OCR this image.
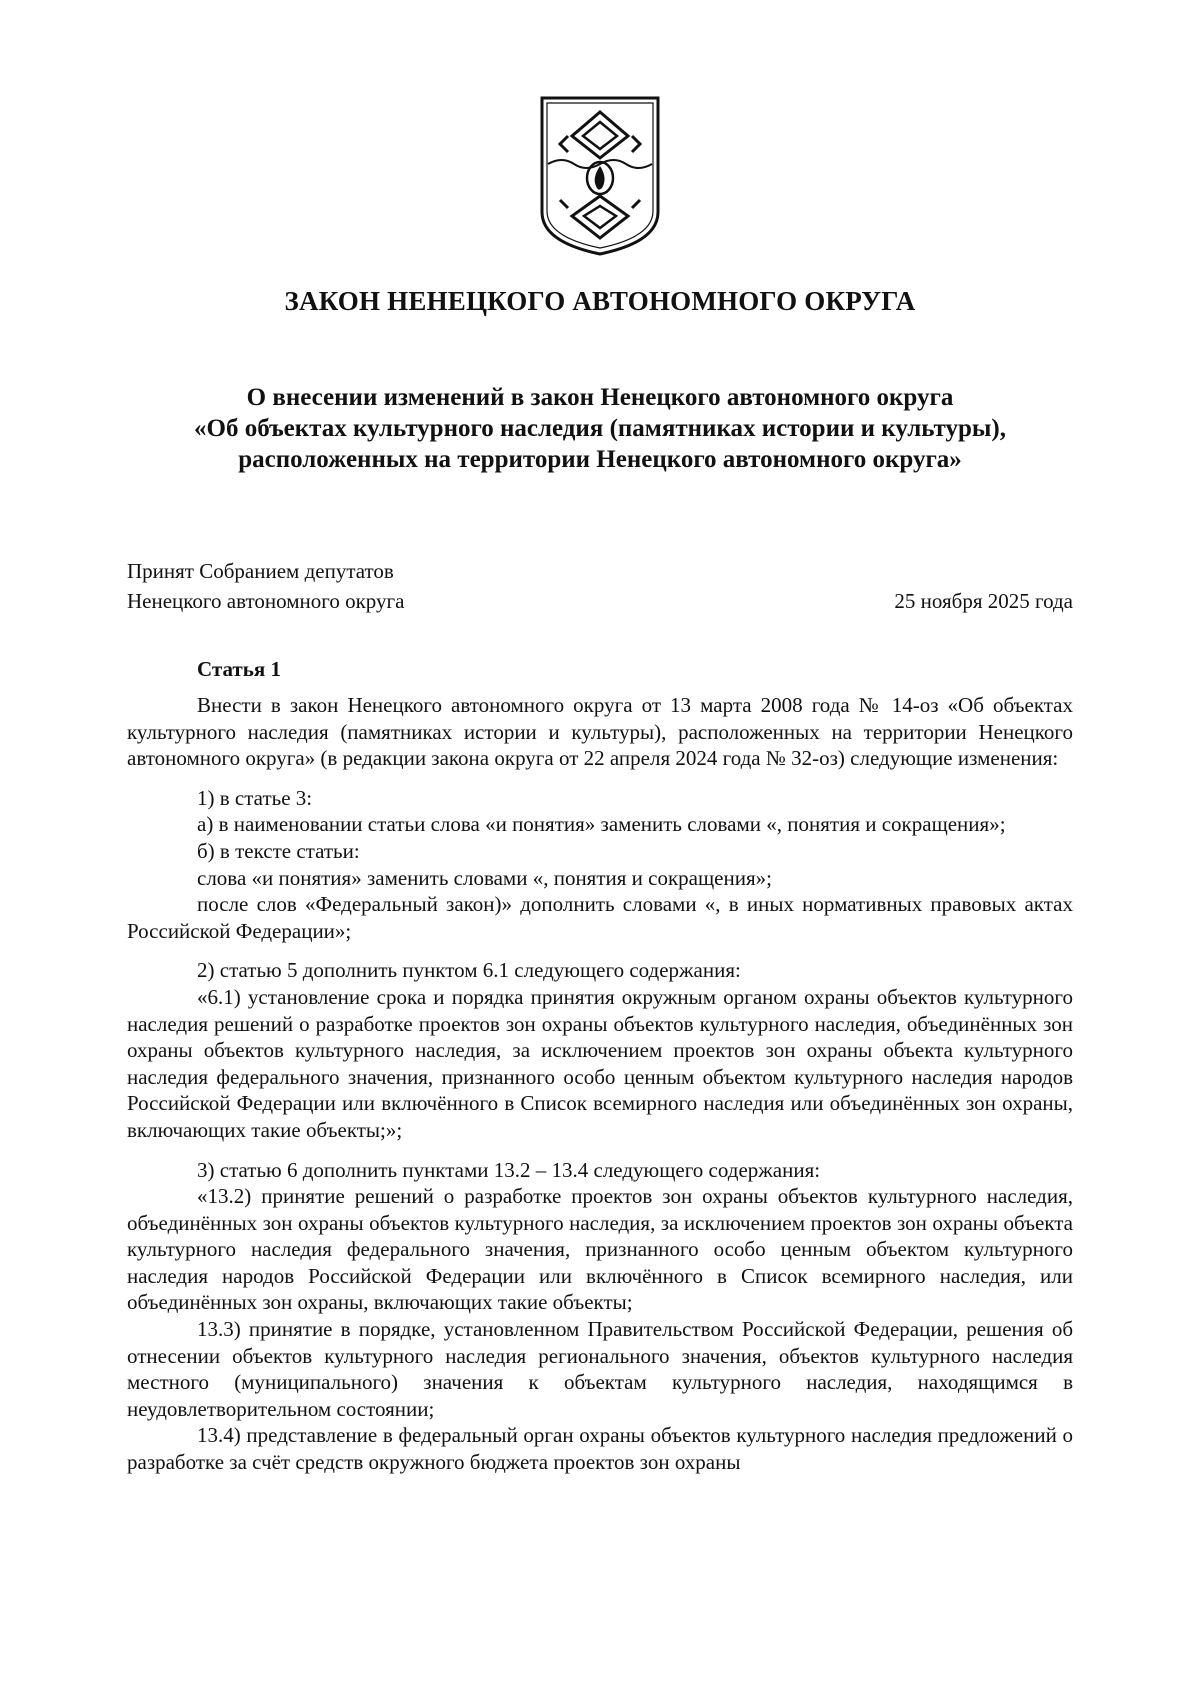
ЗАКОН НЕНЕЦКОГО АВТОНОМНОГО ОКРУГА
О внесении изменений в закон Ненецкого автономного округа
«Об объектах культурного наследия (памятниках истории и культуры),
расположенных на территории Ненецкого автономного округа»
Принят Собранием депутатов
Ненецкого автономного округа	25 ноября 2025 года
Статья 1

Внести в закон Ненецкого автономного округа от 13 марта 2008 года № 14-оз «Об объектах культурного наследия (памятниках истории и культуры), расположенных на территории Ненецкого автономного округа» (в редакции закона округа от 22 апреля 2024 года № 32-оз) следующие изменения:

1) в статье 3:

а) в наименовании статьи слова «и понятия» заменить словами «, понятия и сокращения»;

б) в тексте статьи:

слова «и понятия» заменить словами «, понятия и сокращения»;

после слов «Федеральный закон)» дополнить словами «, в иных нормативных правовых актах Российской Федерации»;

2) статью 5 дополнить пунктом 6.1 следующего содержания:

«6.1) установление срока и порядка принятия окружным органом охраны объектов культурного наследия решений о разработке проектов зон охраны объектов культурного наследия, объединённых зон охраны объектов культурного наследия, за исключением проектов зон охраны объекта культурного наследия федерального значения, признанного особо ценным объектом культурного наследия народов Российской Федерации или включённого в Список всемирного наследия или объединённых зон охраны, включающих такие объекты;»;

3) статью 6 дополнить пунктами 13.2 – 13.4 следующего содержания:

«13.2) принятие решений о разработке проектов зон охраны объектов культурного наследия, объединённых зон охраны объектов культурного наследия, за исключением проектов зон охраны объекта культурного наследия федерального значения, признанного особо ценным объектом культурного наследия народов Российской Федерации или включённого в Список всемирного наследия, или объединённых зон охраны, включающих такие объекты;

13.3) принятие в порядке, установленном Правительством Российской Федерации, решения об отнесении объектов культурного наследия регионального значения, объектов культурного наследия местного (муниципального) значения к объектам культурного наследия, находящимся в неудовлетворительном состоянии;

13.4) представление в федеральный орган охраны объектов культурного наследия предложений о разработке за счёт средств окружного бюджета проектов зон охраны
